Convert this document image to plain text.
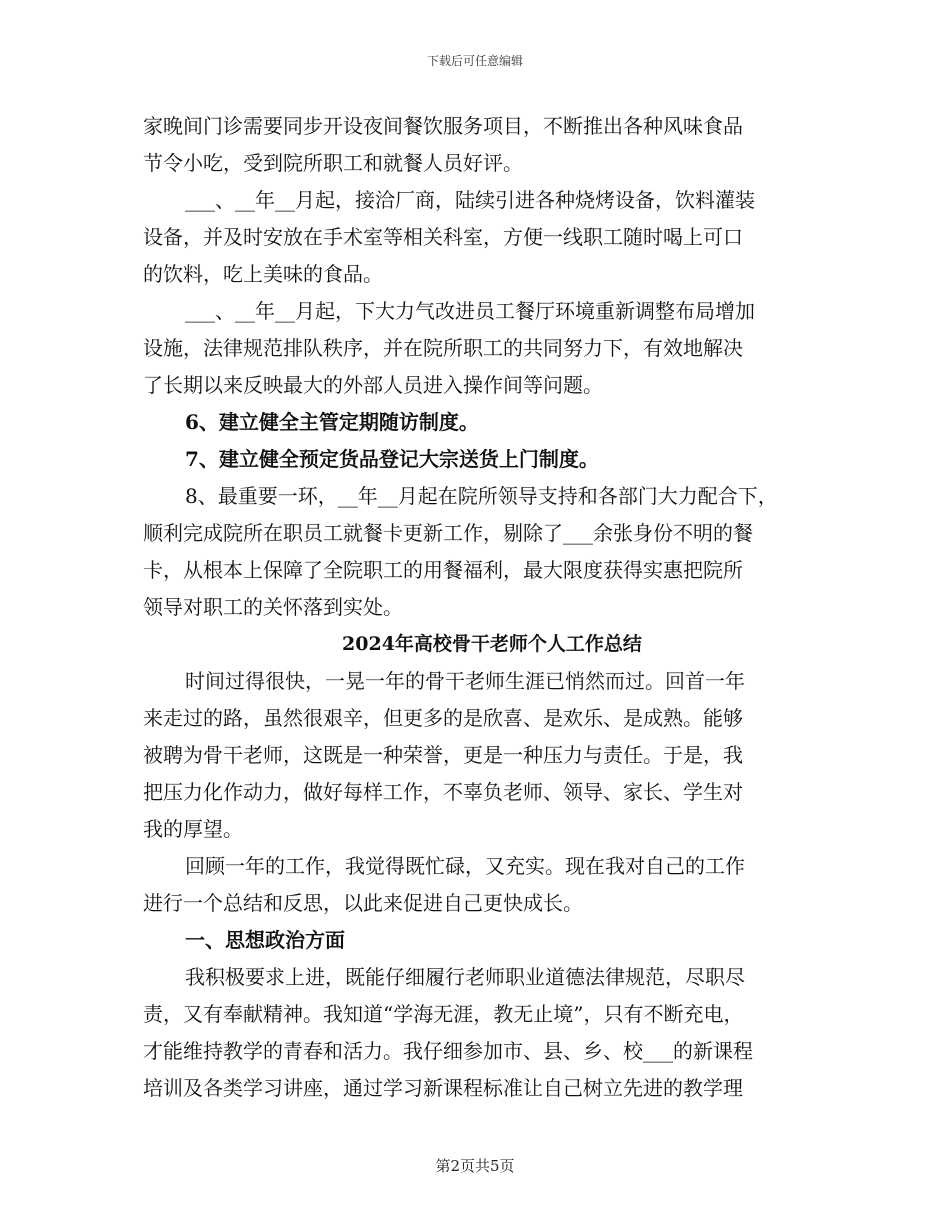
下载后可任意编辑
家晚间门诊需要同步开设夜间餐饮服务项目，不断推出各种风味食品
节令小吃，受到院所职工和就餐人员好评。
___、__年__月起，接洽厂商，陆续引进各种烧烤设备，饮料灌装
设备，并及时安放在手术室等相关科室，方便一线职工随时喝上可口
的饮料，吃上美味的食品。
___、__年__月起，下大力气改进员工餐厅环境重新调整布局增加
设施，法律规范排队秩序，并在院所职工的共同努力下，有效地解决
了长期以来反映最大的外部人员进入操作间等问题。
6、建立健全主管定期随访制度。
7、建立健全预定货品登记大宗送货上门制度。
8、最重要一环，__年__月起在院所领导支持和各部门大力配合下，
顺利完成院所在职员工就餐卡更新工作，剔除了___余张身份不明的餐
卡，从根本上保障了全院职工的用餐福利，最大限度获得实惠把院所
领导对职工的关怀落到实处。
2024年高校骨干老师个人工作总结
时间过得很快，一晃一年的骨干老师生涯已悄然而过。回首一年
来走过的路，虽然很艰辛，但更多的是欣喜、是欢乐、是成熟。能够
被聘为骨干老师，这既是一种荣誉，更是一种压力与责任。于是，我
把压力化作动力，做好每样工作，不辜负老师、领导、家长、学生对
我的厚望。
回顾一年的工作，我觉得既忙碌，又充实。现在我对自己的工作
进行一个总结和反思，以此来促进自己更快成长。
一、思想政治方面
我积极要求上进，既能仔细履行老师职业道德法律规范，尽职尽
责，又有奉献精神。我知道“学海无涯，教无止境”，只有不断充电，
才能维持教学的青春和活力。我仔细参加市、县、乡、校___的新课程
培训及各类学习讲座，通过学习新课程标准让自己树立先进的教学理
第2页共5页
